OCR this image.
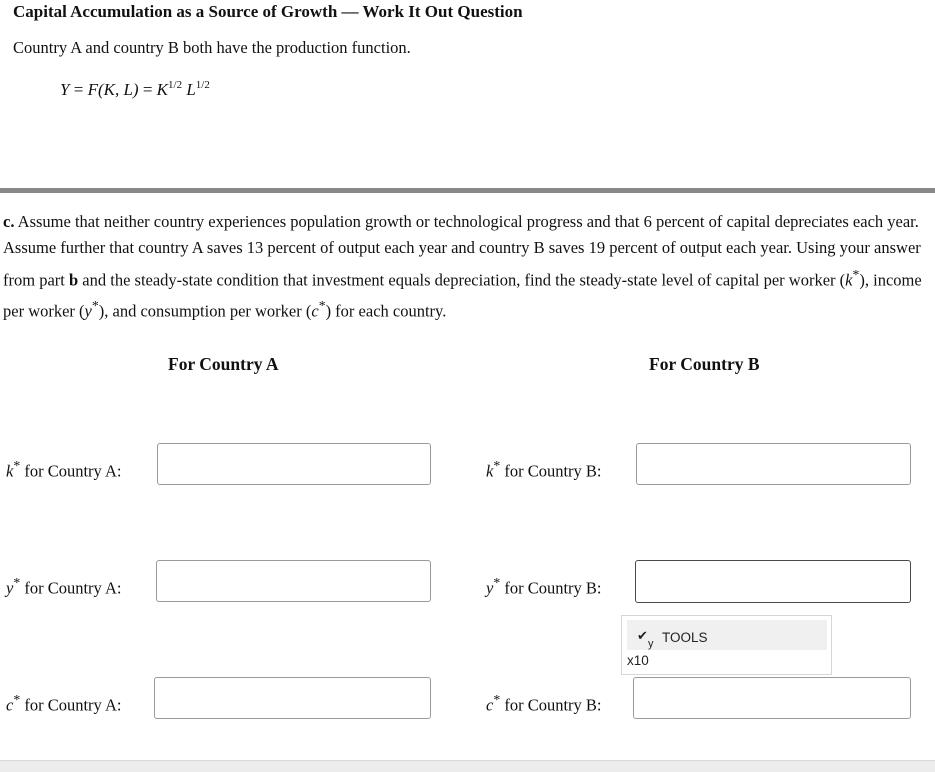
Capital Accumulation as a Source of Growth — Work It Out Question
Country A and country B both have the production function.
Y = F(K, $L) = K^{1/2}$ $L^{1/2}$
c. Assume that neither country experiences population growth or technological progress and that 6 percent of capital depreciates each year. Assume further that country A saves 13 percent of output each year and country B saves 19 percent of output each year. Using your answer from part b and the steady-state condition that investment equals depreciation, find the steady-state level of capital per worker (k*), income per worker (y*), and consumption per worker (c*) for each country.
For Country A	For Country B
k* for Country A:	k* for Country B:
y* for Country A:	y* for Country B:
✔
y TOOLS
x10
c* for Country A:	c* for Country B:
